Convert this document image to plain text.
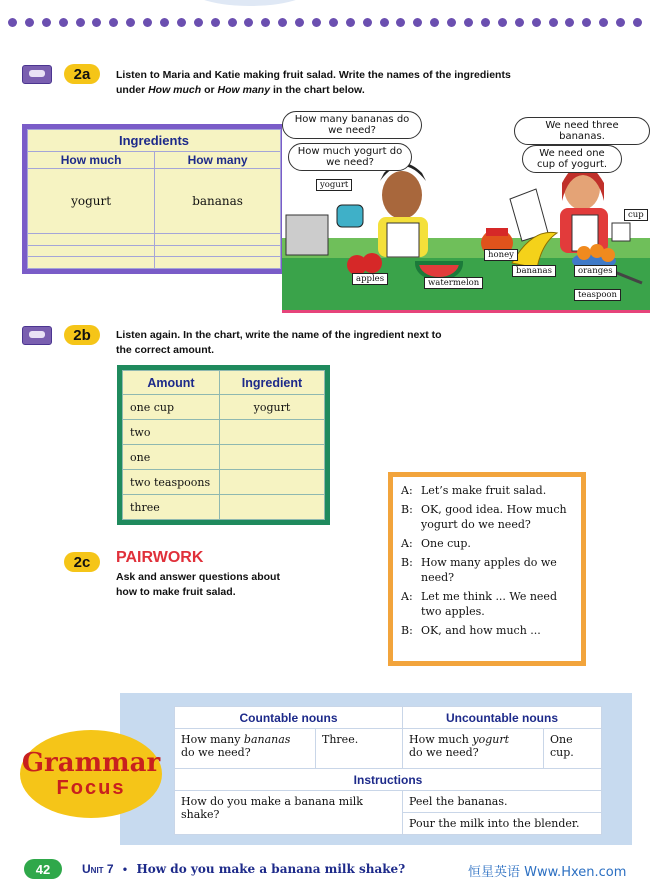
2a	Listen to Maria and Katie making fruit salad. Write the names of the ingredients
under How much or How many in the chart below.
Ingredients	
How much	How many
yogurt	bananas

How many bananas do we need?
How much yogurt do we need?
We need three bananas.
We need one cup of yogurt.
yogurt
apples	watermelon
honey
bananas	oranges
cup
teaspoon
2b	Listen again. In the chart, write the name of the ingredient next to
the correct amount.
Amount	Ingredient
one cup	yogurt
two	
one	
two teaspoons	
three	
2c	PAIRWORK
Ask and answer questions about
how to make fruit salad.
A: Let’s make fruit salad.
B: OK, good idea. How much yogurt do we need?
A: One cup.
B: How many apples do we need?
A: Let me think ... We need two apples.
B: OK, and how much ...
Grammar
Focus
Countable nouns		Uncountable nouns	
How many bananas
do we need?	Three.	How much yogurt
do we need?	One cup.
Instructions			
How do you make a banana milk shake?		Peel the bananas.	
		Pour the milk into the blender.	
42	Unit 7 • How do you make a banana milk shake?	恒星英语 Www.Hxen.com
